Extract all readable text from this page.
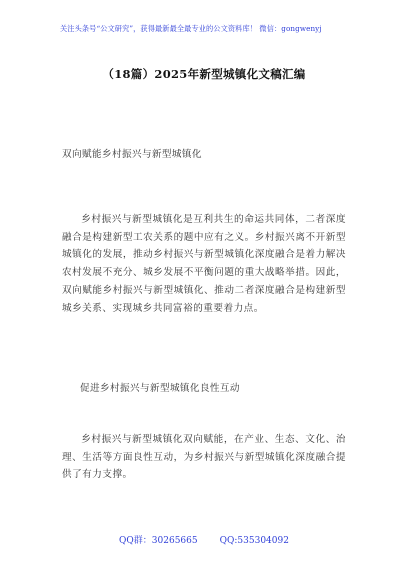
关注头条号“公文研究”，获得最新最全最专业的公文资料库！ 微信：gongwenyj
（18篇）2025年新型城镇化文稿汇编
双向赋能乡村振兴与新型城镇化

乡村振兴与新型城镇化是互利共生的命运共同体，二者深度融合是构建新型工农关系的题中应有之义。乡村振兴离不开新型城镇化的发展，推动乡村振兴与新型城镇化深度融合是着力解决农村发展不充分、城乡发展不平衡问题的重大战略举措。因此，双向赋能乡村振兴与新型城镇化、推动二者深度融合是构建新型城乡关系、实现城乡共同富裕的重要着力点。

促进乡村振兴与新型城镇化良性互动

乡村振兴与新型城镇化双向赋能，在产业、生态、文化、治理、生活等方面良性互动，为乡村振兴与新型城镇化深度融合提供了有力支撑。

QQ群：30265665 QQ:535304092
